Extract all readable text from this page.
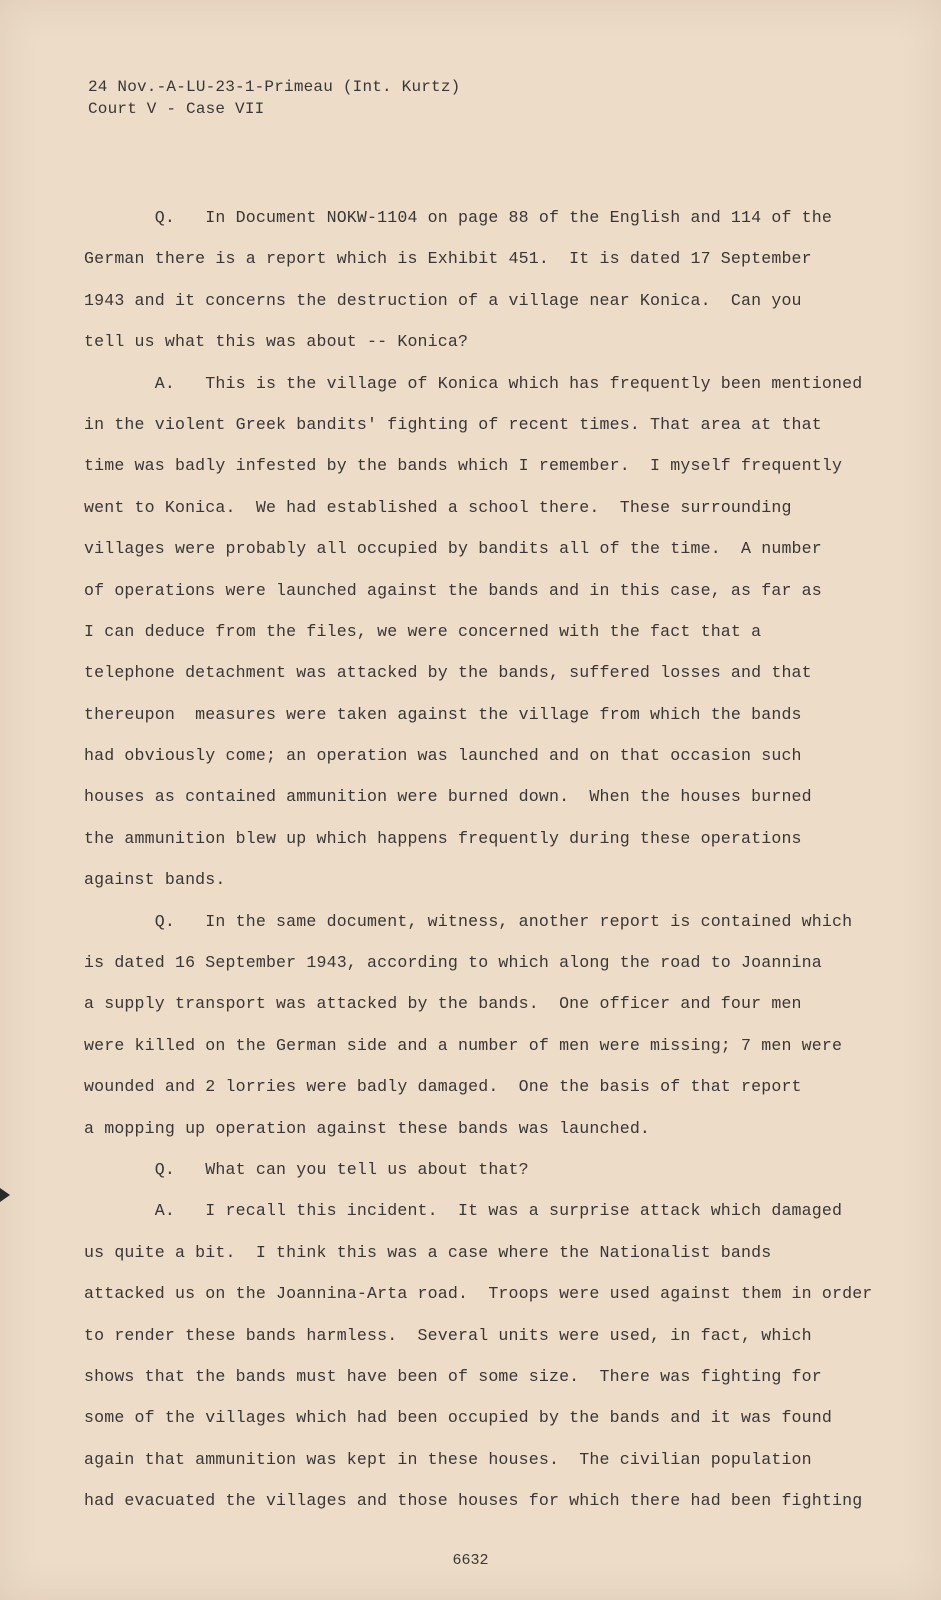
24 Nov.-A-LU-23-1-Primeau (Int. Kurtz)
Court V - Case VII
Q.   In Document NOKW-1104 on page 88 of the English and 114 of the
German there is a report which is Exhibit 451.  It is dated 17 September
1943 and it concerns the destruction of a village near Konica.  Can you
tell us what this was about -- Konica?
A.   This is the village of Konica which has frequently been mentioned
in the violent Greek bandits' fighting of recent times. That area at that
time was badly infested by the bands which I remember.  I myself frequently
went to Konica.  We had established a school there.  These surrounding
villages were probably all occupied by bandits all of the time.  A number
of operations were launched against the bands and in this case, as far as
I can deduce from the files, we were concerned with the fact that a
telephone detachment was attacked by the bands, suffered losses and that
thereupon  measures were taken against the village from which the bands
had obviously come; an operation was launched and on that occasion such
houses as contained ammunition were burned down.  When the houses burned
the ammunition blew up which happens frequently during these operations
against bands.
Q.   In the same document, witness, another report is contained which
is dated 16 September 1943, according to which along the road to Joannina
a supply transport was attacked by the bands.  One officer and four men
were killed on the German side and a number of men were missing; 7 men were
wounded and 2 lorries were badly damaged.  One the basis of that report
a mopping up operation against these bands was launched.
Q.   What can you tell us about that?
A.   I recall this incident.  It was a surprise attack which damaged
us quite a bit.  I think this was a case where the Nationalist bands
attacked us on the Joannina-Arta road.  Troops were used against them in order
to render these bands harmless.  Several units were used, in fact, which
shows that the bands must have been of some size.  There was fighting for
some of the villages which had been occupied by the bands and it was found
again that ammunition was kept in these houses.  The civilian population
had evacuated the villages and those houses for which there had been fighting
6632
